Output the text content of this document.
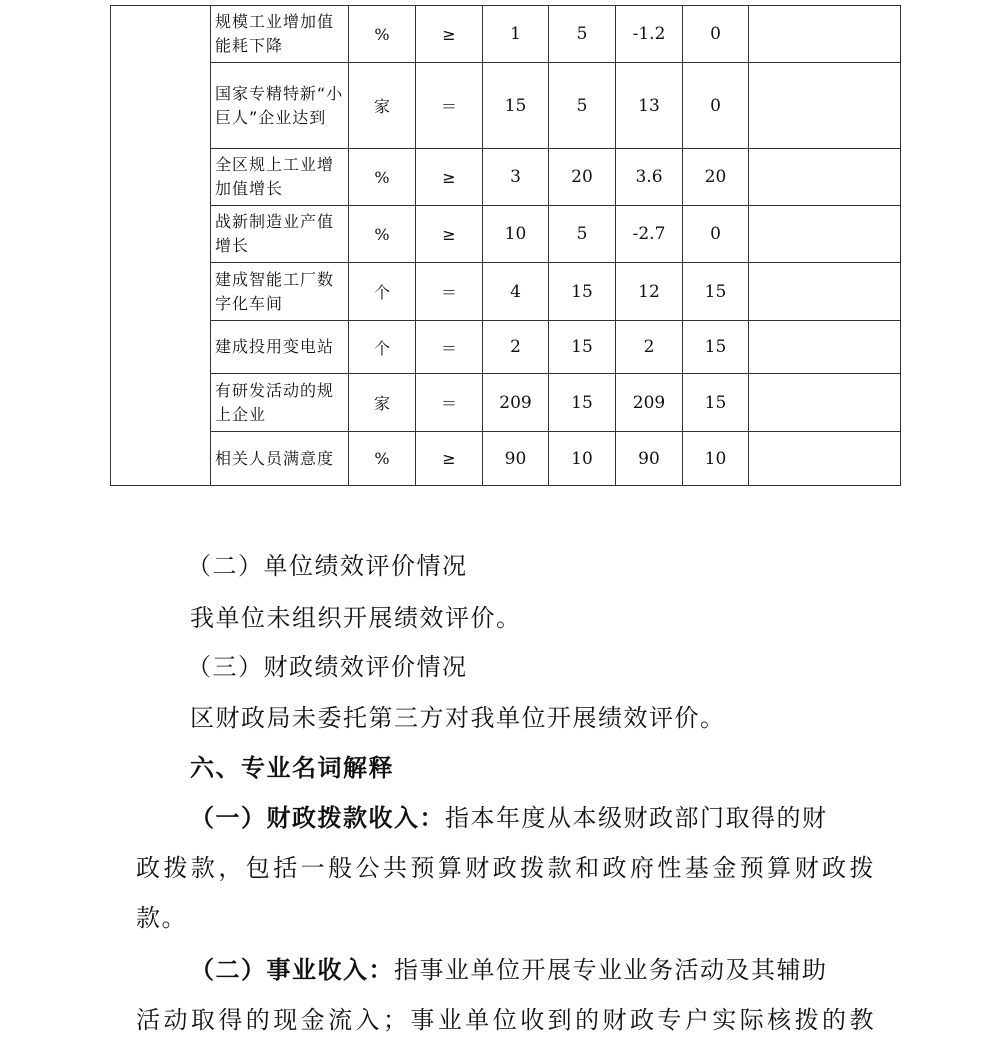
	规模工业增加值能耗下降	%	≥	1	5	-1.2	0	
	国家专精特新“小巨人”企业达到	家	＝	15	5	13	0	
	全区规上工业增加值增长	%	≥	3	20	3.6	20	
	战新制造业产值增长	%	≥	10	5	-2.7	0	
	建成智能工厂数字化车间	个	＝	4	15	12	15	
	建成投用变电站	个	＝	2	15	2	15	
	有研发活动的规上企业	家	＝	209	15	209	15	
	相关人员满意度	%	≥	90	10	90	10	
（二）单位绩效评价情况
我单位未组织开展绩效评价。
（三）财政绩效评价情况
区财政局未委托第三方对我单位开展绩效评价。
六、专业名词解释
（一）财政拨款收入：指本年度从本级财政部门取得的财
政拨款，包括一般公共预算财政拨款和政府性基金预算财政拨
款。
（二）事业收入：指事业单位开展专业业务活动及其辅助
活动取得的现金流入；事业单位收到的财政专户实际核拨的教
